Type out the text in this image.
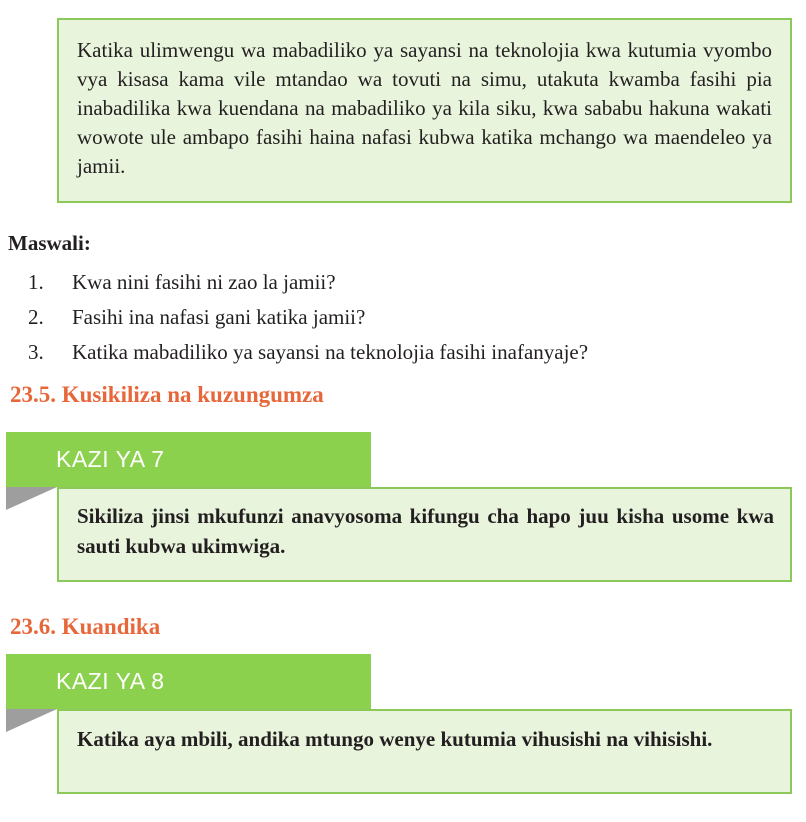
Katika ulimwengu wa mabadiliko ya sayansi na teknolojia kwa kutumia vyombo vya kisasa kama vile mtandao wa tovuti na simu, utakuta kwamba fasihi pia inabadilika kwa kuendana na mabadiliko ya kila siku, kwa sababu hakuna wakati wowote ule ambapo fasihi haina nafasi kubwa katika mchango wa maendeleo ya jamii.
Maswali:
1. Kwa nini fasihi ni zao la jamii?
2. Fasihi ina nafasi gani katika jamii?
3. Katika mabadiliko ya sayansi na teknolojia fasihi inafanyaje?
23.5. Kusikiliza na kuzungumza
KAZI YA 7
Sikiliza jinsi mkufunzi anavyosoma kifungu cha hapo juu kisha usome kwa sauti kubwa ukimwiga.
23.6. Kuandika
KAZI YA 8
Katika aya mbili, andika mtungo wenye kutumia vihusishi na vihisishi.
